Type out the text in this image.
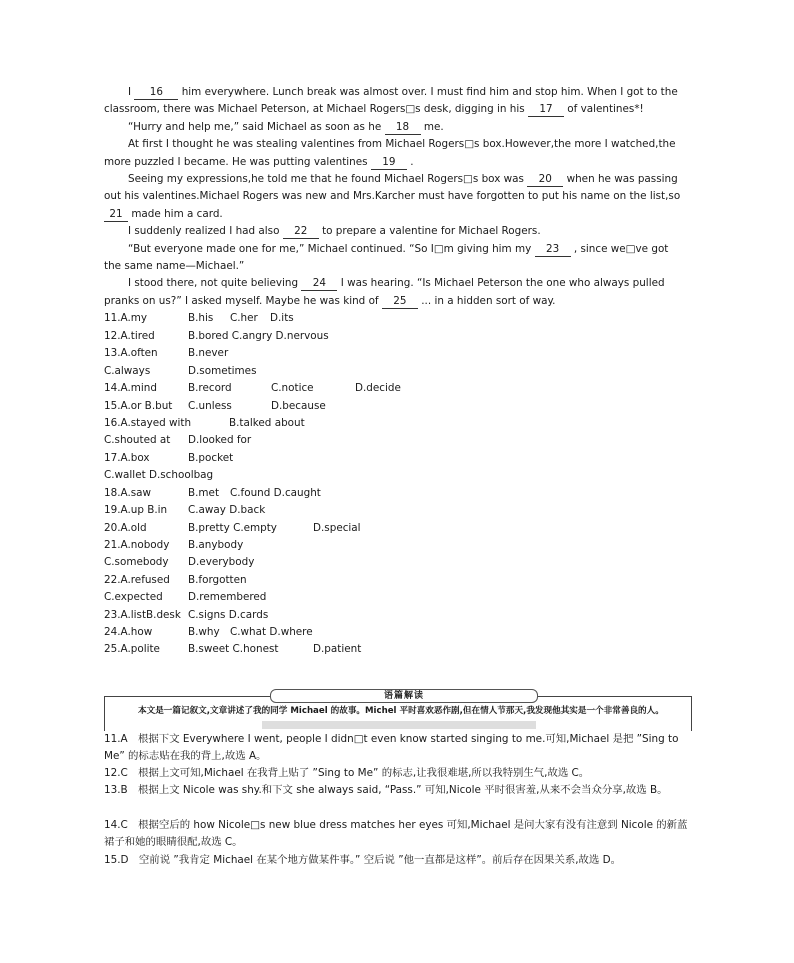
I 16 him everywhere. Lunch break was almost over. I must find him and stop him. When I got to the classroom, there was Michael Peterson, at Michael Rogers□s desk, digging in his 17 of valentines*!
“Hurry and help me,” said Michael as soon as he 18 me.
At first I thought he was stealing valentines from Michael Rogers□s box.However,the more I watched,the more puzzled I became. He was putting valentines 19 .
Seeing my expressions,he told me that he found Michael Rogers□s box was 20 when he was passing out his valentines.Michael Rogers was new and Mrs.Karcher must have forgotten to put his name on the list,so 21 made him a card.
I suddenly realized I had also 22 to prepare a valentine for Michael Rogers.
“But everyone made one for me,” Michael continued. “So I□m giving him my 23 , since we□ve got the same name—Michael.”
I stood there, not quite believing 24 I was hearing. “Is Michael Peterson the one who always pulled pranks on us?” I asked myself. Maybe he was kind of 25 ... in a hidden sort of way.
11.A.my	B.his C.her D.its
12.A.tired	B.bored C.angry D.nervous
13.A.often	B.never
C.always	D.sometimes
14.A.mind	B.record	C.notice	D.decide
15.A.or B.but C.unless	D.because
16.A.stayed with	B.talked about
C.shouted at D.looked for
17.A.box	B.pocket
C.wallet D.schoolbag
18.A.saw	B.met C.found D.caught
19.A.up B.in C.away D.back
20.A.old	B.pretty C.empty	D.special
21.A.nobody B.anybody
C.somebody D.everybody
22.A.refused B.forgotten
C.expected D.remembered
23.A.listB.desk C.signs D.cards
24.A.how	B.why C.what D.where
25.A.polite	B.sweet C.honest	D.patient
语篇解读
本文是一篇记叙文,文章讲述了我的同学 Michael 的故事。Michel 平时喜欢恶作剧,但在情人节那天,我发现他其实是一个非常善良的人。
11.A　根据下文 Everywhere I went, people I didn□t even know started singing to me.可知,Michael 是把 ”Sing to Me” 的标志贴在我的背上,故选 A。
12.C　根据上文可知,Michael 在我背上贴了 ”Sing to Me” 的标志,让我很难堪,所以我特别生气,故选 C。
13.B　根据上文 Nicole was shy.和下文 she always said, “Pass.” 可知,Nicole 平时很害羞,从来不会当众分享,故选 B。
14.C　根据空后的 how Nicole□s new blue dress matches her eyes 可知,Michael 是问大家有没有注意到 Nicole 的新蓝裙子和她的眼睛很配,故选 C。
15.D　空前说 ”我肯定 Michael 在某个地方做某件事。” 空后说 ”他一直都是这样”。前后存在因果关系,故选 D。
